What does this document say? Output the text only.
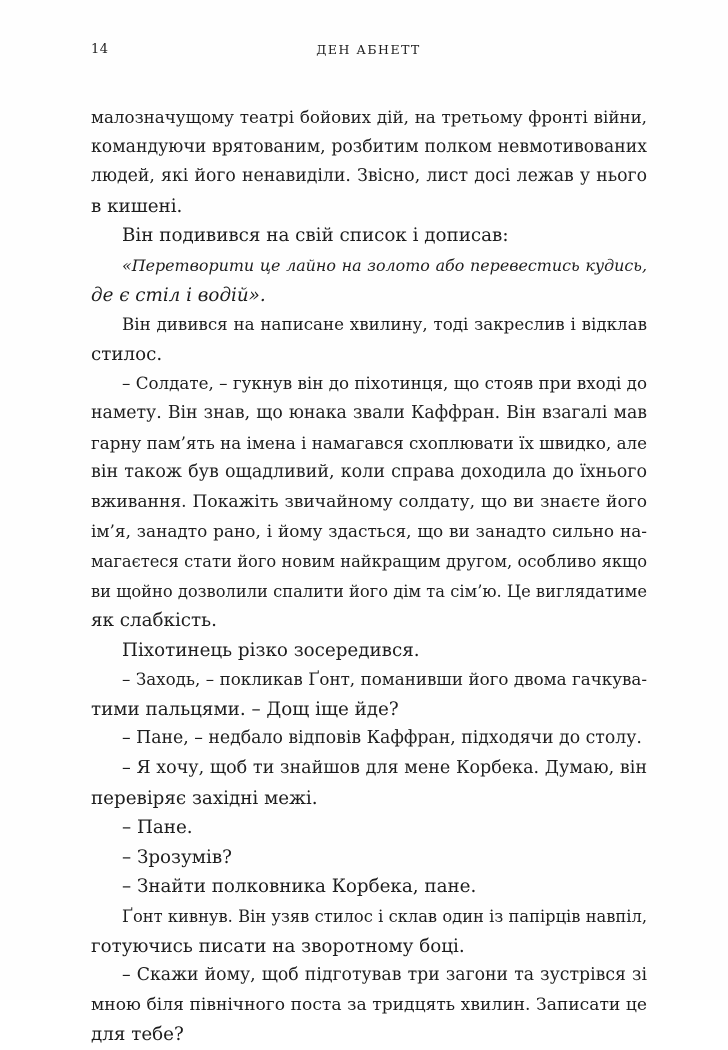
14	ДЕН АБНЕТТ
малозначущому театрі бойових дій, на третьому фронті війни,
командуючи врятованим, розбитим полком невмотивованих
людей, які його ненавиділи. Звісно, лист досі лежав у нього
в кишені.
Він подивився на свій список і дописав:
«Перетворити це лайно на золото або перевестись кудись,
де є стіл і водій».
Він дивився на написане хвилину, тоді закреслив і відклав
стилос.
– Солдате, – гукнув він до піхотинця, що стояв при вході до
намету. Він знав, що юнака звали Каффран. Він взагалі мав
гарну пам’ять на імена і намагався схоплювати їх швидко, але
він також був ощадливий, коли справа доходила до їхнього
вживання. Покажіть звичайному солдату, що ви знаєте його
ім’я, занадто рано, і йому здасться, що ви занадто сильно на-
магаєтеся стати його новим найкращим другом, особливо якщо
ви щойно дозволили спалити його дім та сім’ю. Це виглядатиме
як слабкість.
Піхотинець різко зосередився.
– Заходь, – покликав Ґонт, поманивши його двома гачкува-
тими пальцями. – Дощ іще йде?
– Пане, – недбало відповів Каффран, підходячи до столу.
– Я хочу, щоб ти знайшов для мене Корбека. Думаю, він
перевіряє західні межі.
– Пане.
– Зрозумів?
– Знайти полковника Корбека, пане.
Ґонт кивнув. Він узяв стилос і склав один із папірців навпіл,
готуючись писати на зворотному боці.
– Скажи йому, щоб підготував три загони та зустрівся зі
мною біля північного поста за тридцять хвилин. Записати це
для тебе?
